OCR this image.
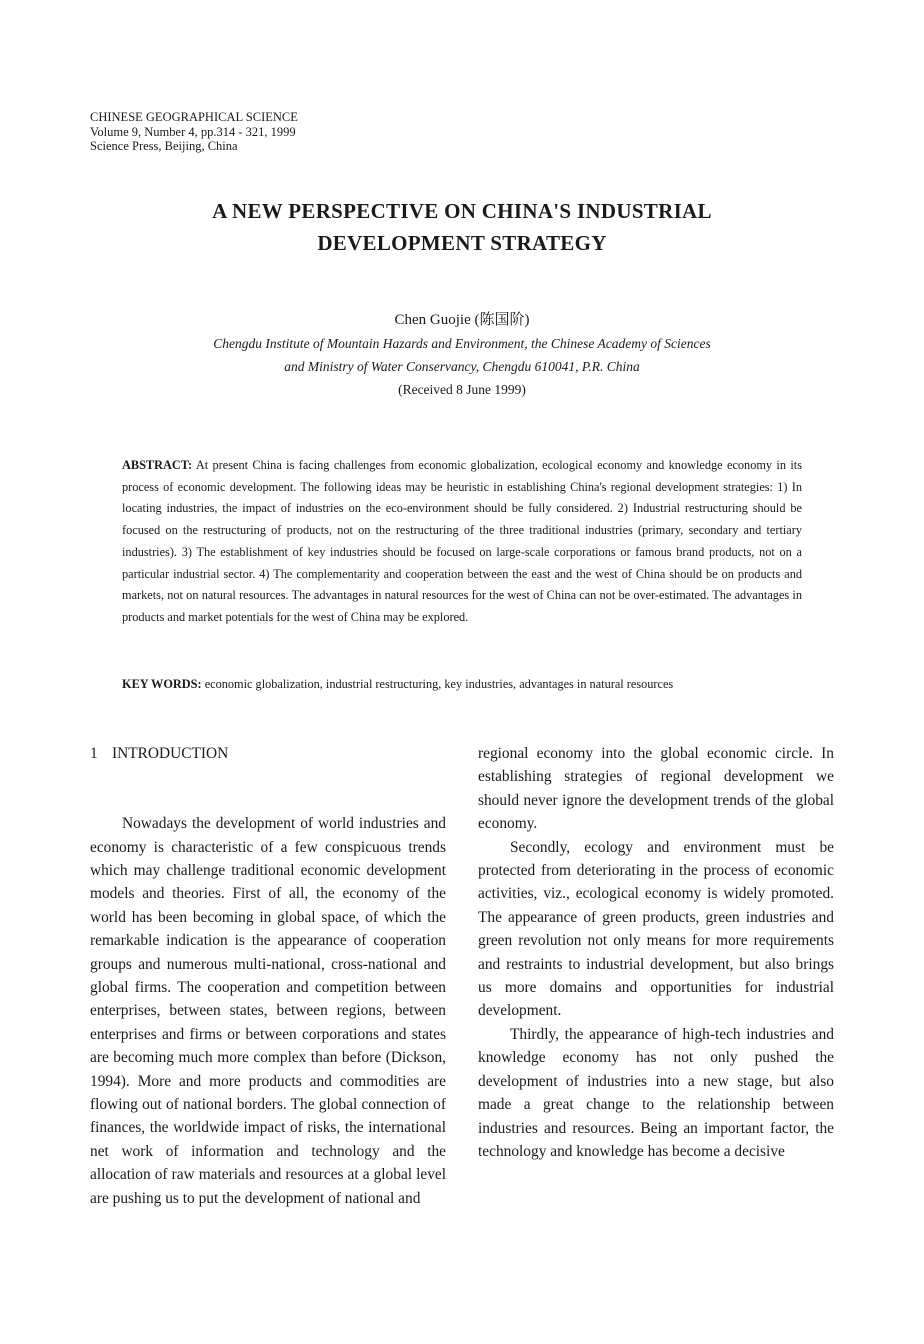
CHINESE GEOGRAPHICAL SCIENCE
Volume 9, Number 4, pp.314 - 321, 1999
Science Press, Beijing, China
A NEW PERSPECTIVE ON CHINA'S INDUSTRIAL
DEVELOPMENT STRATEGY
Chen Guojie (陈国阶)
Chengdu Institute of Mountain Hazards and Environment, the Chinese Academy of Sciences
and Ministry of Water Conservancy, Chengdu 610041, P.R. China
(Received 8 June 1999)
ABSTRACT: At present China is facing challenges from economic globalization, ecological economy and knowledge economy in its process of economic development. The following ideas may be heuristic in establishing China's regional development strategies: 1) In locating industries, the impact of industries on the eco-environment should be fully considered. 2) Industrial restructuring should be focused on the restructuring of products, not on the restructuring of the three traditional industries (primary, secondary and tertiary industries). 3) The establishment of key industries should be focused on large-scale corporations or famous brand products, not on a particular industrial sector. 4) The complementarity and cooperation between the east and the west of China should be on products and markets, not on natural resources. The advantages in natural resources for the west of China can not be over-estimated. The advantages in products and market potentials for the west of China may be explored.
KEY WORDS: economic globalization, industrial restructuring, key industries, advantages in natural resources
1 INTRODUCTION

Nowadays the development of world industries and economy is characteristic of a few conspicuous trends which may challenge traditional economic development models and theories. First of all, the economy of the world has been becoming in global space, of which the remarkable indication is the appearance of cooperation groups and numerous multi-national, cross-national and global firms. The cooperation and competition between enterprises, between states, between regions, between enterprises and firms or between corporations and states are becoming much more complex than before (Dickson, 1994). More and more products and commodities are flowing out of national borders. The global connection of finances, the worldwide impact of risks, the international net work of information and technology and the allocation of raw materials and resources at a global level are pushing us to put the development of national and

regional economy into the global economic circle. In establishing strategies of regional development we should never ignore the development trends of the global economy.

Secondly, ecology and environment must be protected from deteriorating in the process of economic activities, viz., ecological economy is widely promoted. The appearance of green products, green industries and green revolution not only means for more requirements and restraints to industrial development, but also brings us more domains and opportunities for industrial development.

Thirdly, the appearance of high-tech industries and knowledge economy has not only pushed the development of industries into a new stage, but also made a great change to the relationship between industries and resources. Being an important factor, the technology and knowledge has become a decisive
